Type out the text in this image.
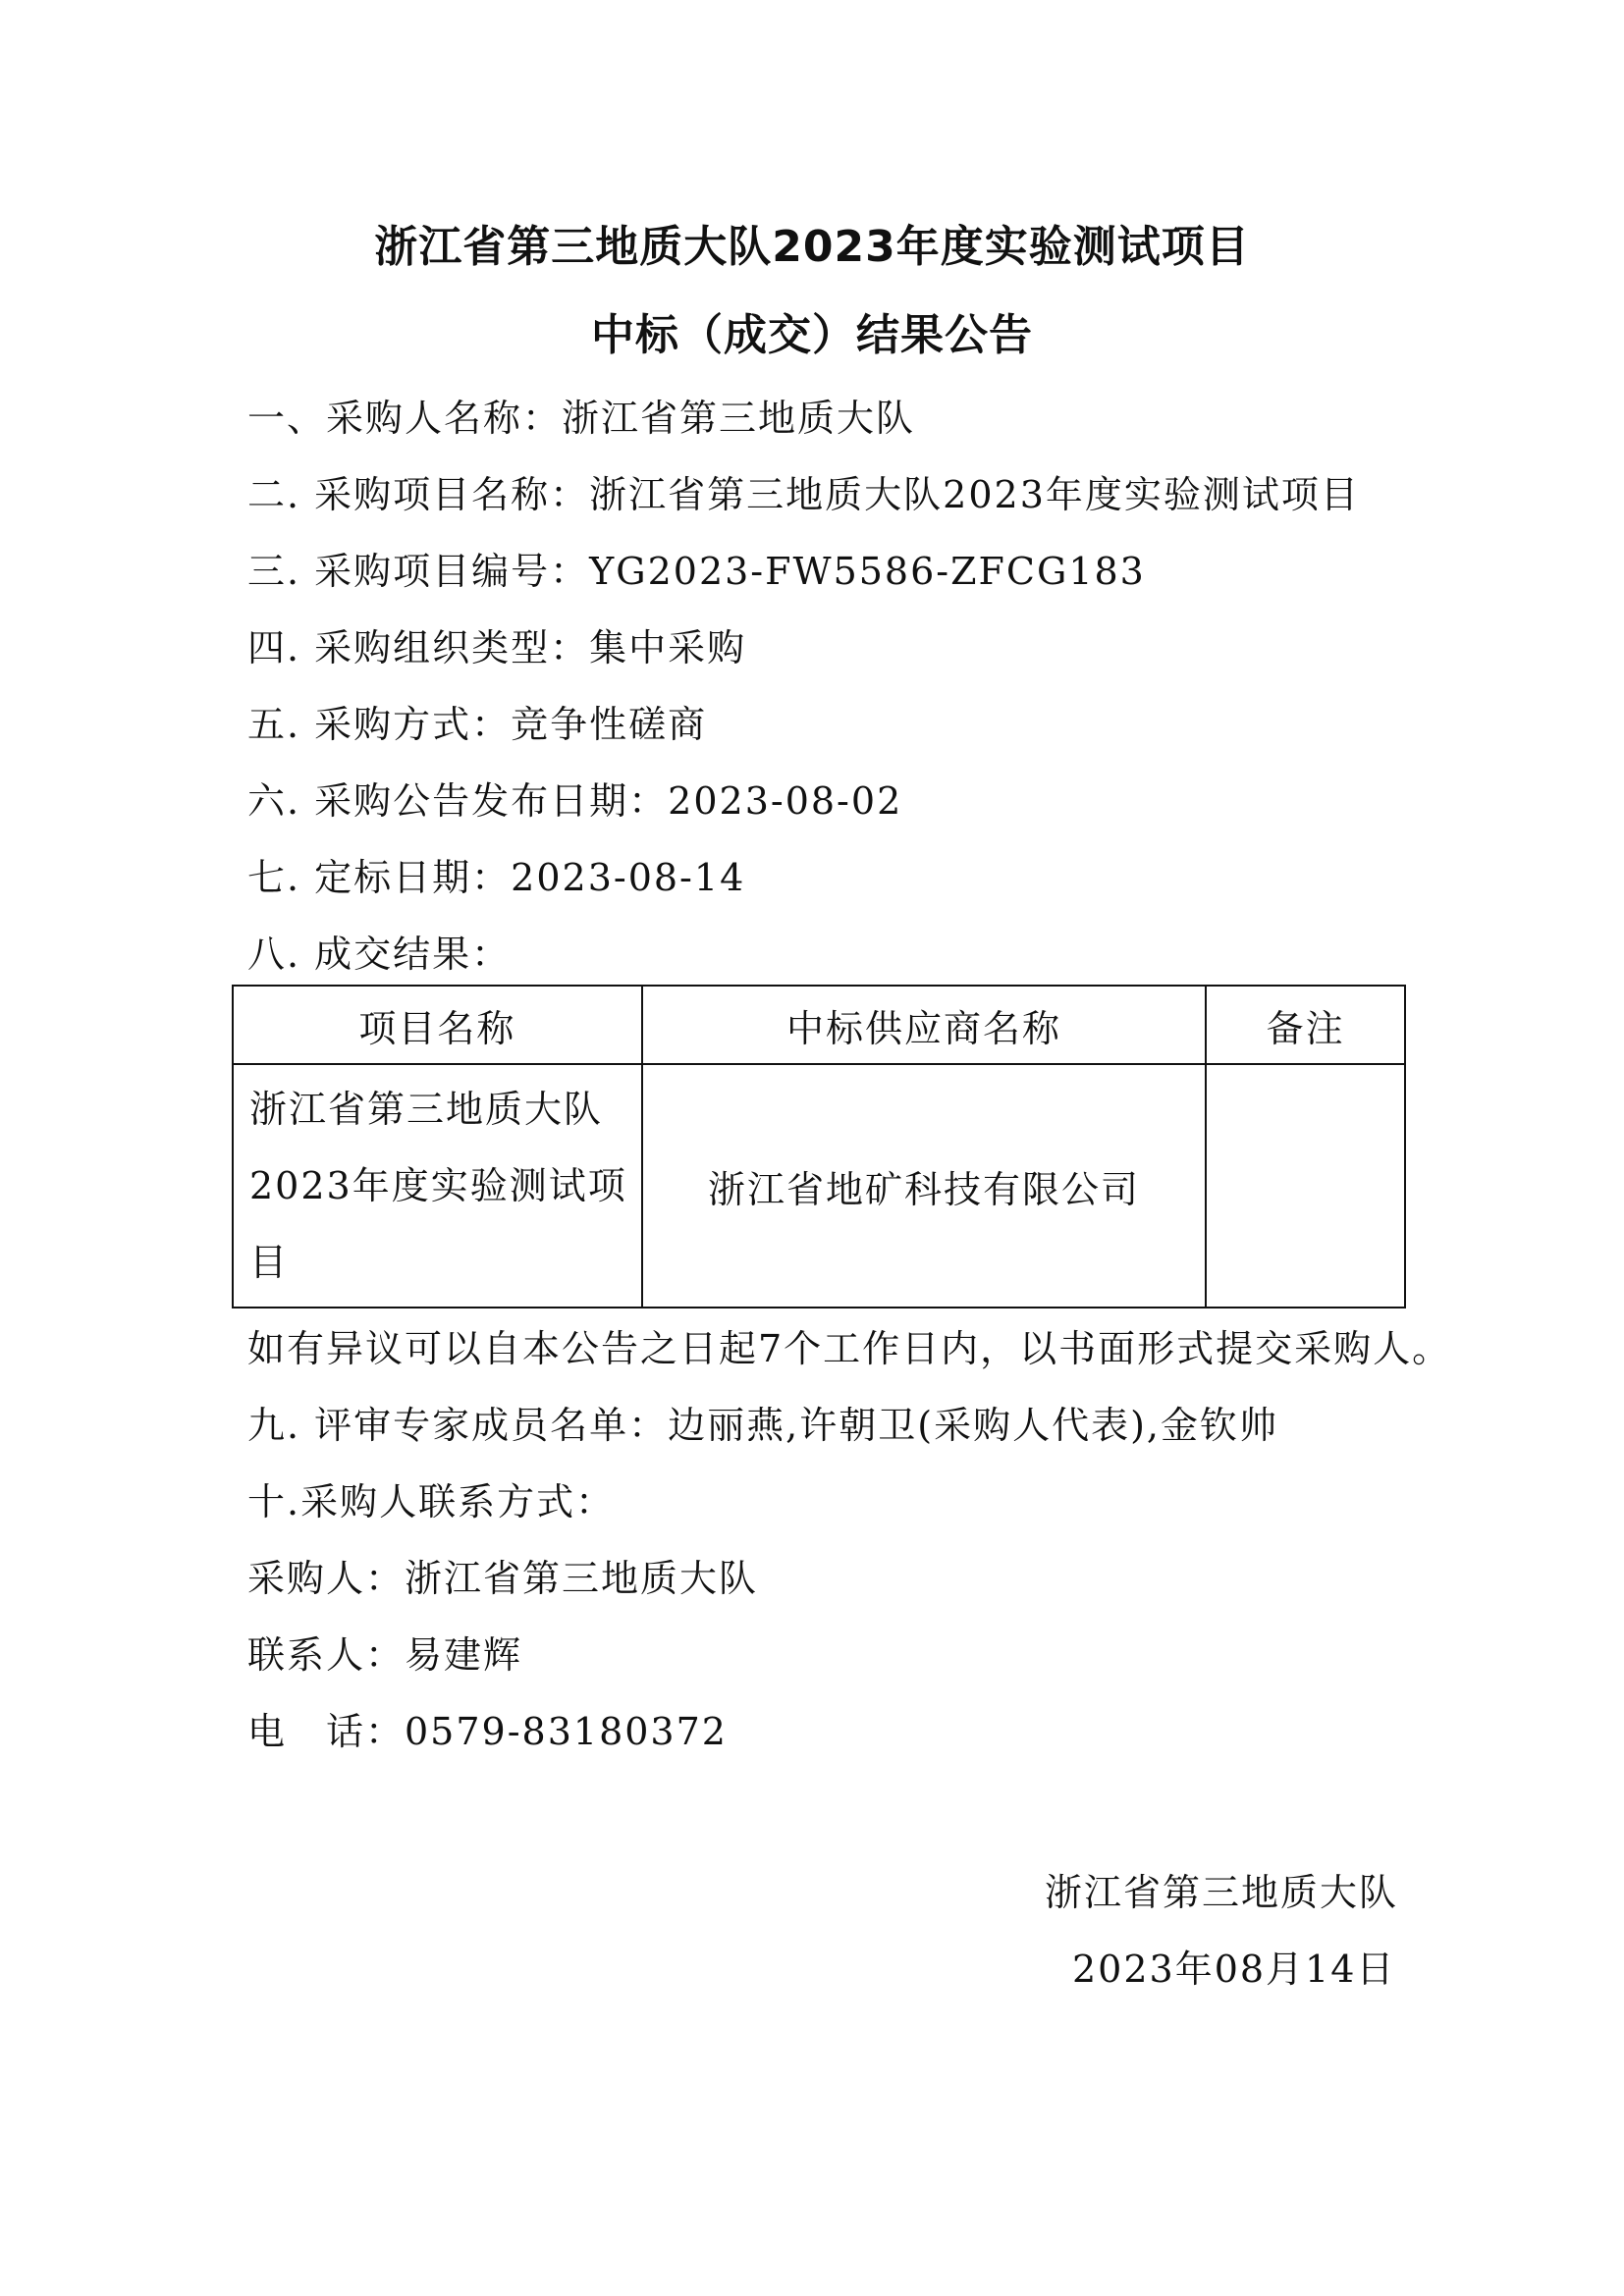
浙江省第三地质大队2023年度实验测试项目
中标（成交）结果公告
一、采购人名称：浙江省第三地质大队
二. 采购项目名称：浙江省第三地质大队2023年度实验测试项目
三. 采购项目编号：YG2023-FW5586-ZFCG183
四. 采购组织类型：集中采购
五. 采购方式：竞争性磋商
六. 采购公告发布日期：2023-08-02
七. 定标日期：2023-08-14
八. 成交结果：
项目名称	中标供应商名称	备注
浙江省第三地质大队2023年度实验测试项目	浙江省地矿科技有限公司	
如有异议可以自本公告之日起7个工作日内，以书面形式提交采购人。
九. 评审专家成员名单：边丽燕,许朝卫(采购人代表),金钦帅
十.采购人联系方式：
采购人：浙江省第三地质大队
联系人：易建辉
电　话：0579-83180372
浙江省第三地质大队
2023年08月14日
